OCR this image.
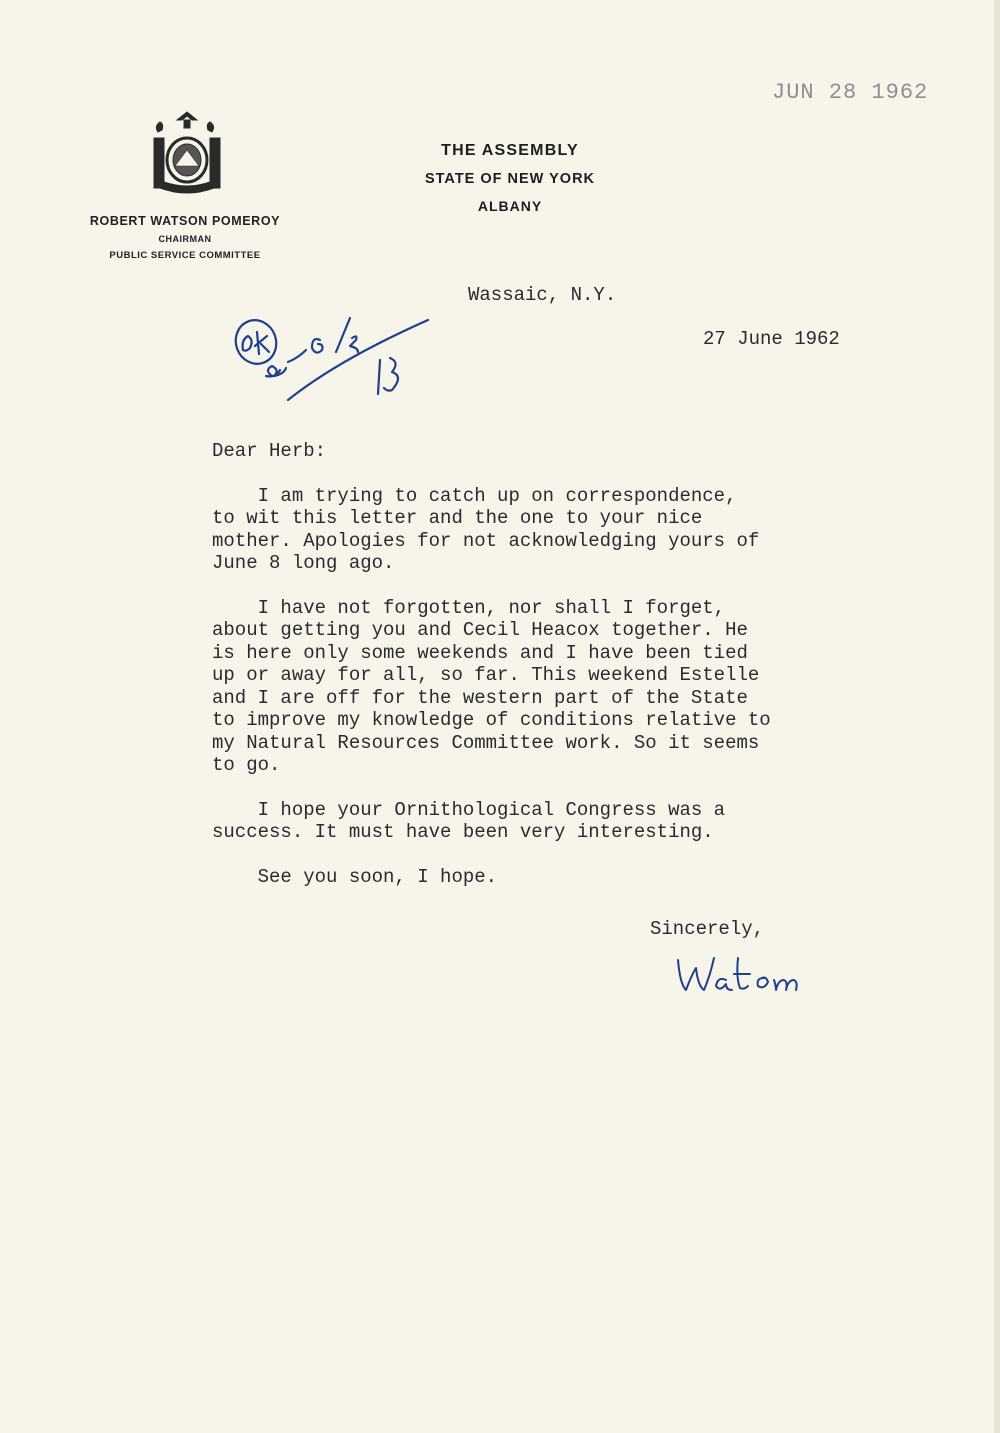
JUN 28 1962
ROBERT WATSON POMEROY
CHAIRMAN
PUBLIC SERVICE COMMITTEE
THE ASSEMBLY
STATE OF NEW YORK
ALBANY
Wassaic, N.Y.
27 June 1962
OK @ 6/28 HB
Dear Herb:
I am trying to catch up on correspondence,
to wit this letter and the one to your nice
mother. Apologies for not acknowledging yours of
June 8 long ago.
I have not forgotten, nor shall I forget,
about getting you and Cecil Heacox together. He
is here only some weekends and I have been tied
up or away for all, so far. This weekend Estelle
and I are off for the western part of the State
to improve my knowledge of conditions relative to
my Natural Resources Committee work. So it seems
to go.
I hope your Ornithological Congress was a
success. It must have been very interesting.
See you soon, I hope.
Sincerely,
Watson
